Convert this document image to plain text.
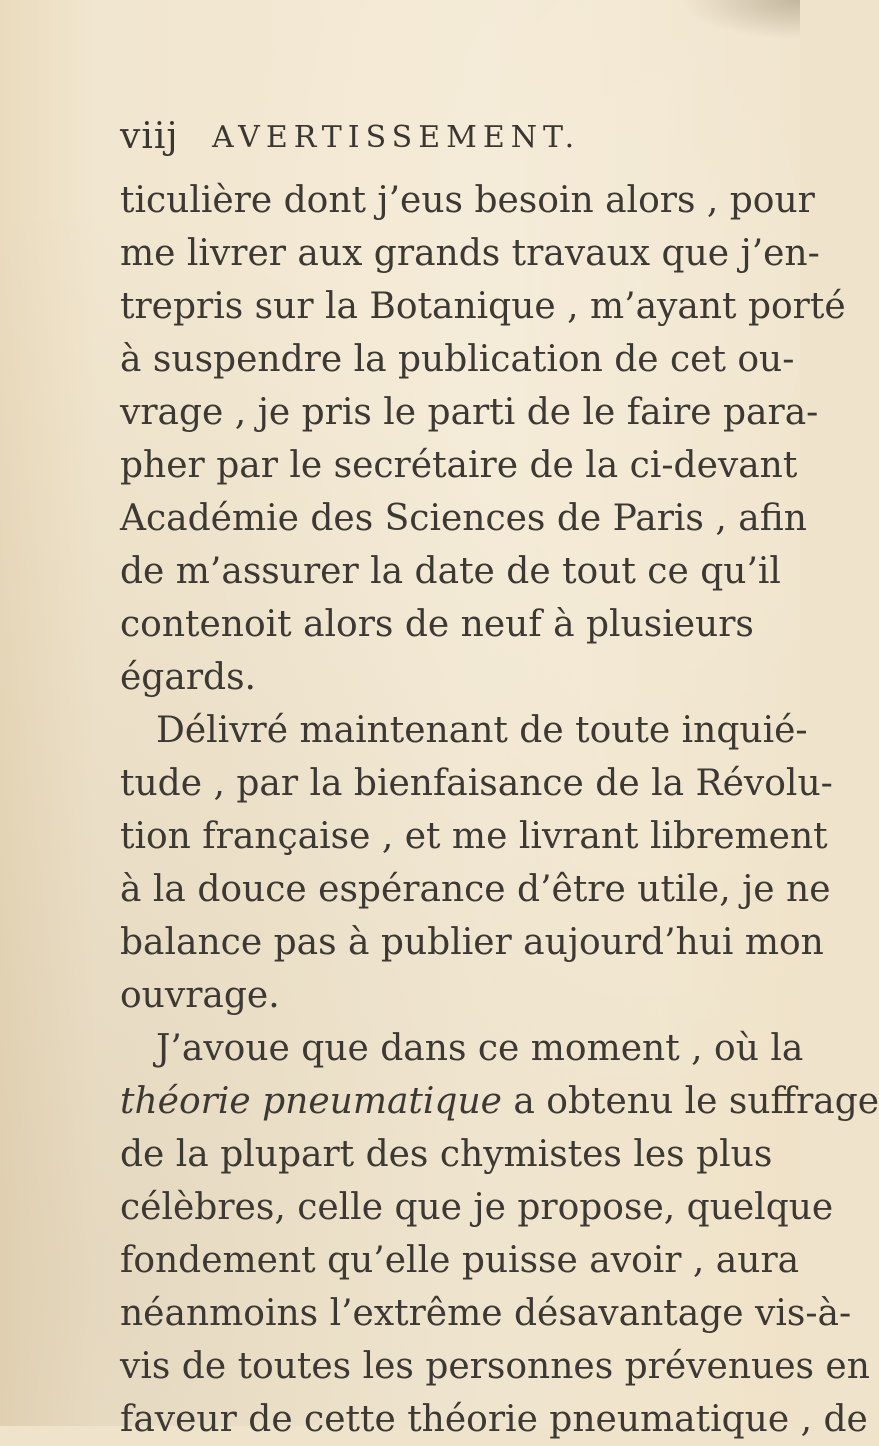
viij AVERTISSEMENT.
ticulière dont j’eus besoin alors , pour
me livrer aux grands travaux que j’en-
trepris sur la Botanique , m’ayant porté
à suspendre la publication de cet ou-
vrage , je pris le parti de le faire para-
pher par le secrétaire de la ci-devant
Académie des Sciences de Paris , afin
de m’assurer la date de tout ce qu’il
contenoit alors de neuf à plusieurs
égards.
Délivré maintenant de toute inquié-
tude , par la bienfaisance de la Révolu-
tion française , et me livrant librement
à la douce espérance d’être utile, je ne
balance pas à publier aujourd’hui mon
ouvrage.
J’avoue que dans ce moment , où la
théorie pneumatique a obtenu le suffrage
de la plupart des chymistes les plus
célèbres, celle que je propose, quelque
fondement qu’elle puisse avoir , aura
néanmoins l’extrême désavantage vis-à-
vis de toutes les personnes prévenues en
faveur de cette théorie pneumatique , de
